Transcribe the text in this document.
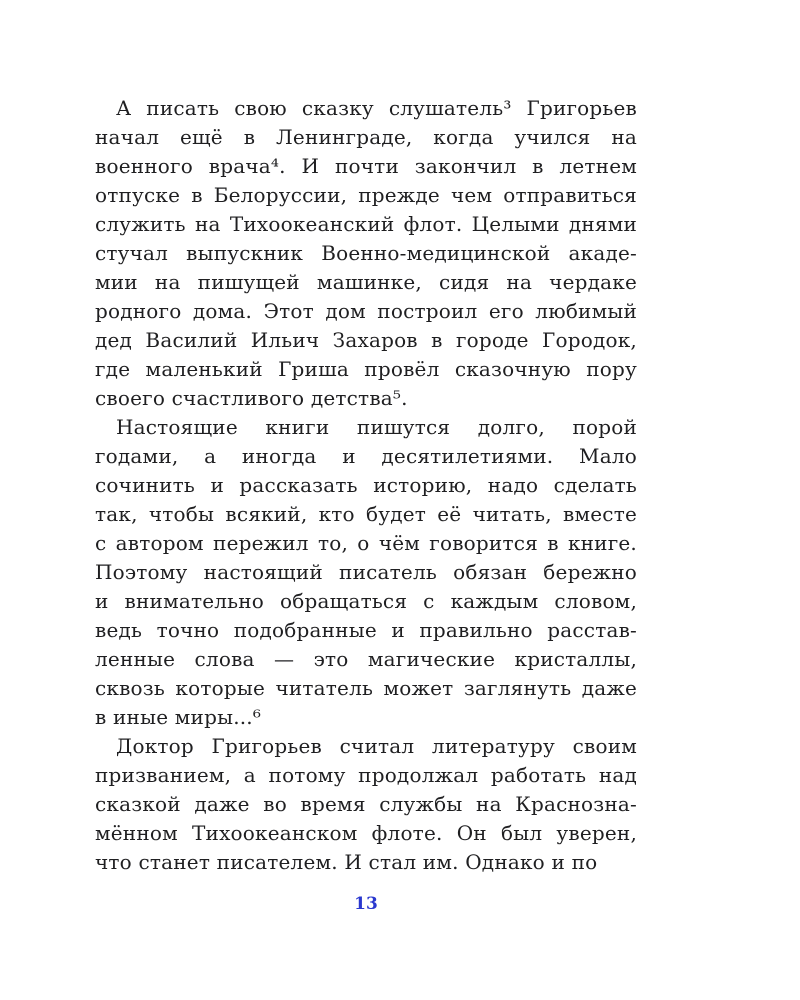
А писать свою сказку слушатель³ Григорьев
начал ещё в Ленинграде, когда учился на
военного врача⁴. И почти закончил в летнем
отпуске в Белоруссии, прежде чем отправиться
служить на Тихоокеанский флот. Целыми днями
стучал выпускник Военно-медицинской акаде-
мии на пишущей машинке, сидя на чердаке
родного дома. Этот дом построил его любимый
дед Василий Ильич Захаров в городе Городок,
где маленький Гриша провёл сказочную пору
своего счастливого детства⁵.
Настоящие книги пишутся долго, порой
годами, а иногда и десятилетиями. Мало
сочинить и рассказать историю, надо сделать
так, чтобы всякий, кто будет её читать, вместе
с автором пережил то, о чём говорится в книге.
Поэтому настоящий писатель обязан бережно
и внимательно обращаться с каждым словом,
ведь точно подобранные и правильно расстав-
ленные слова — это магические кристаллы,
сквозь которые читатель может заглянуть даже
в иные миры...⁶
Доктор Григорьев считал литературу своим
призванием, а потому продолжал работать над
сказкой даже во время службы на Краснозна-
мённом Тихоокеанском флоте. Он был уверен,
что станет писателем. И стал им. Однако и по
13
